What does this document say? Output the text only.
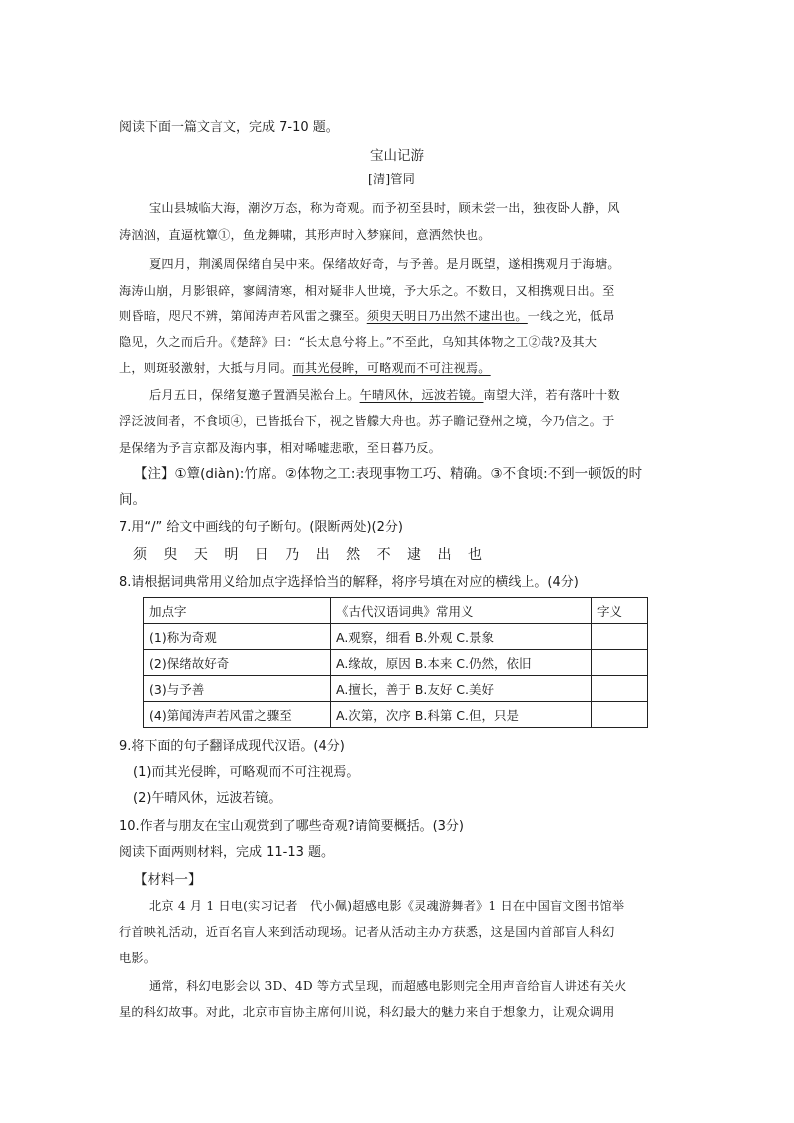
阅读下面一篇文言文，完成 7-10 题。
宝山记游
[清]管同
宝山县城临大海，潮汐万态，称为奇观。而予初至县时，顾未尝一出，独夜卧人静，风
涛汹汹，直逼枕簟①，鱼龙舞啸，其形声时入梦寐间，意洒然快也。
夏四月，荆溪周保绪自吴中来。保绪故好奇，与予善。是月既望，遂相携观月于海塘。
海涛山崩，月影银碎，寥阔清寒，相对疑非人世境，予大乐之。不数日，又相携观日出。至
则昏暗，咫尺不辨，第闻涛声若风雷之骤至。须臾天明日乃出然不逮出也。一线之光，低昂
隐见，久之而后升。《楚辞》曰：“长太息兮将上。”不至此，乌知其体物之工②哉?及其大
上，则斑驳激射，大抵与月同。而其光侵眸，可略观而不可注视焉。
后月五日，保绪复邀子置酒吴淞台上。午晴风休，远波若镜。南望大洋，若有落叶十数
浮泛波间者，不食顷④，已皆抵台下，视之皆艨大舟也。苏子瞻记登州之境，今乃信之。于
是保绪为予言京都及海内事，相对唏嘘悲歌，至日暮乃反。
【注】①簟(diàn):竹席。②体物之工:表现事物工巧、精确。③不食顷:不到一顿饭的时
间。
7.用“/” 给文中画线的句子断句。(限断两处)(2分)
须 臾 天 明 日 乃 出 然 不 逮 出 也
8.请根据词典常用义给加点字选择恰当的解释，将序号填在对应的横线上。(4分)
加点字	《古代汉语词典》常用义	字义
(1)称为奇观	A.观察，细看 B.外观 C.景象	
(2)保绪故好奇	A.缘故，原因 B.本来 C.仍然，依旧	
(3)与予善	A.擅长，善于 B.友好 C.美好	
(4)第闻涛声若风雷之骤至	A.次第，次序 B.科第 C.但，只是	
9.将下面的句子翻译成现代汉语。(4分)
(1)而其光侵眸，可略观而不可注视焉。
(2)午晴风休，远波若镜。
10.作者与朋友在宝山观赏到了哪些奇观?请简要概括。(3分)
阅读下面两则材料，完成 11-13 题。
【材料一】
北京 4 月 1 日电(实习记者　代小佩)超感电影《灵魂游舞者》1 日在中国盲文图书馆举
行首映礼活动，近百名盲人来到活动现场。记者从活动主办方获悉，这是国内首部盲人科幻
电影。
通常，科幻电影会以 3D、4D 等方式呈现，而超感电影则完全用声音给盲人讲述有关火
星的科幻故事。对此，北京市盲协主席何川说，科幻最大的魅力来自于想象力，让观众调用
